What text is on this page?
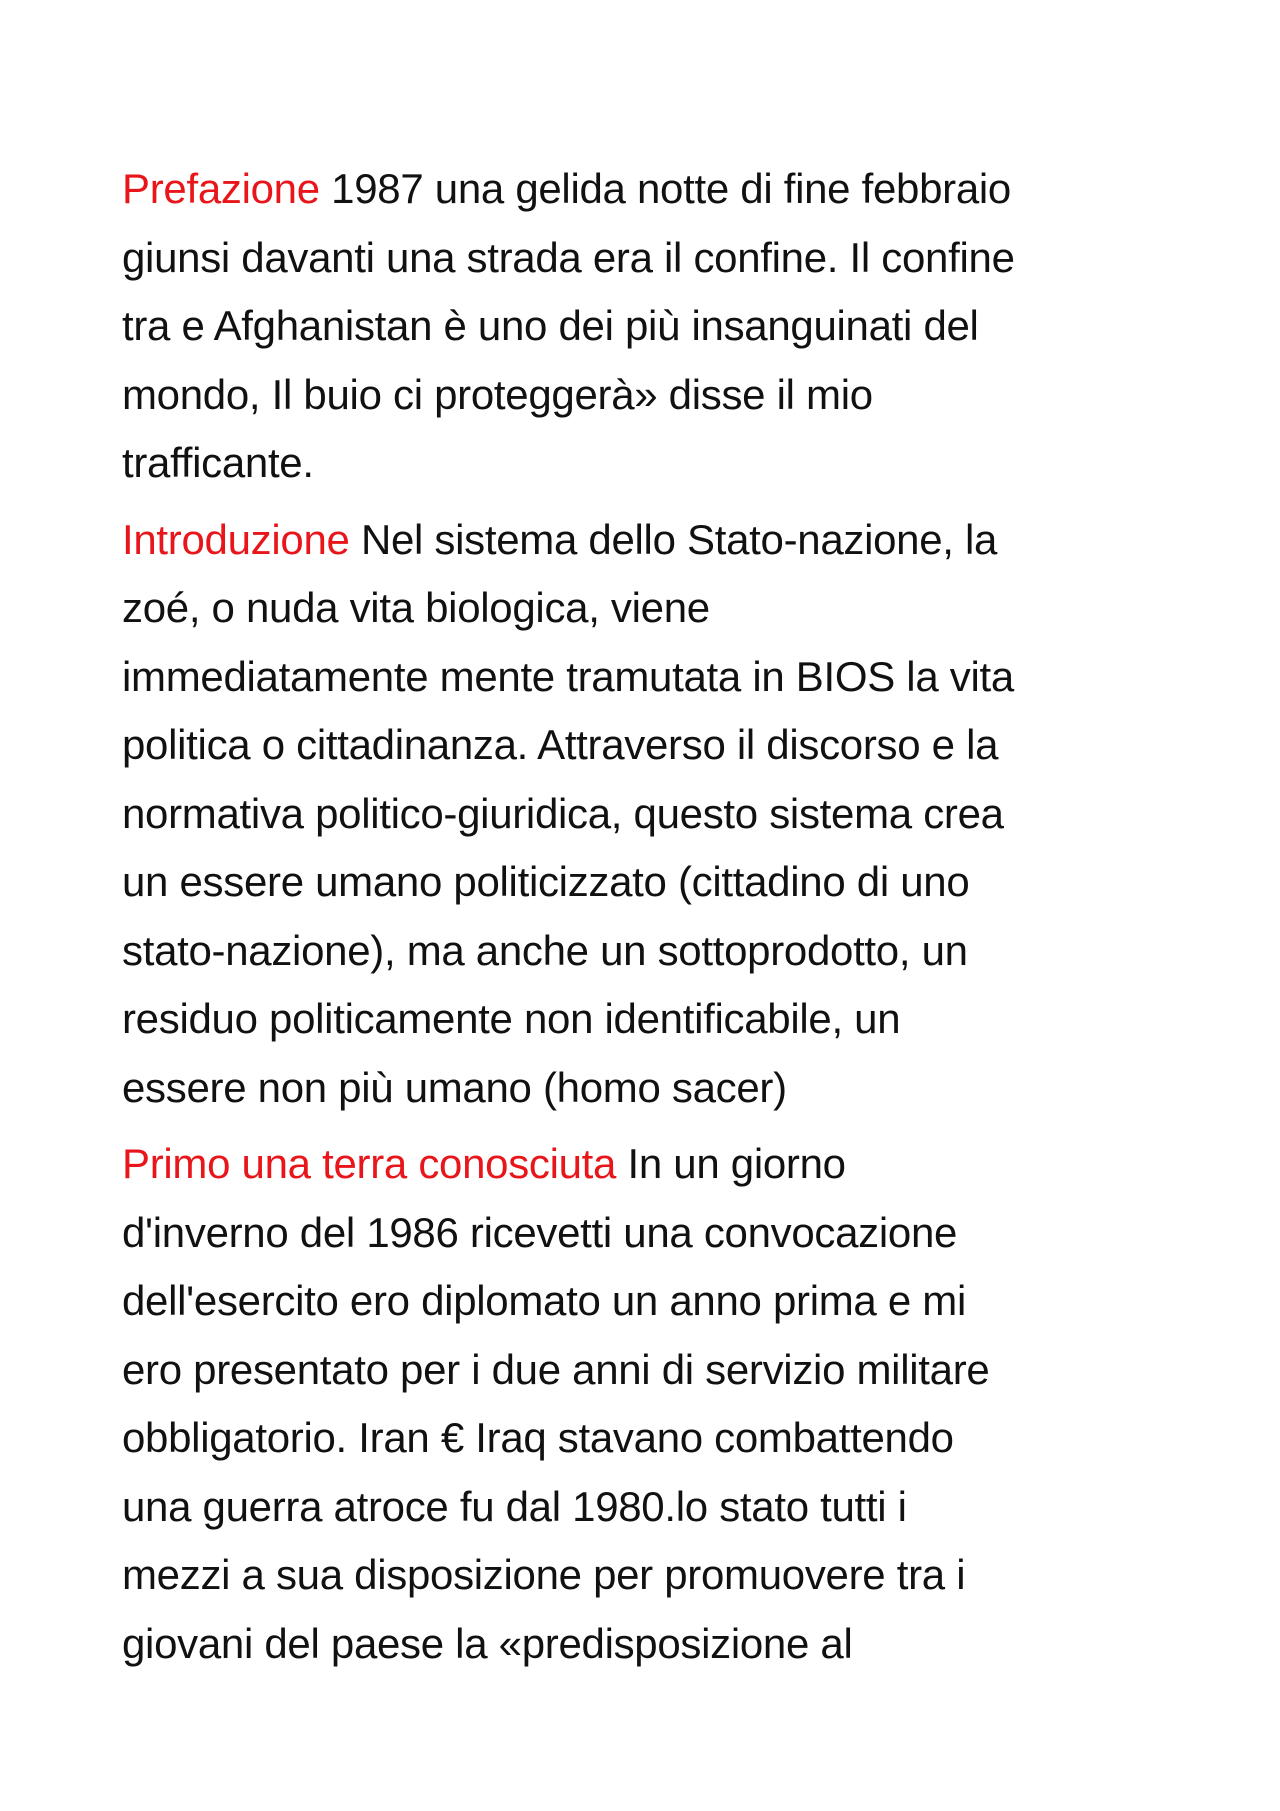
Prefazione 1987 una gelida notte di fine febbraio
giunsi davanti una strada era il confine. Il confine
tra e Afghanistan è uno dei più insanguinati del
mondo, Il buio ci proteggerà» disse il mio
trafficante.
Introduzione Nel sistema dello Stato-nazione, la
zoé, o nuda vita biologica, viene
immediatamente mente tramutata in BIOS la vita
politica o cittadinanza. Attraverso il discorso e la
normativa politico-giuridica, questo sistema crea
un essere umano politicizzato (cittadino di uno
stato-nazione), ma anche un sottoprodotto, un
residuo politicamente non identificabile, un
essere non più umano (homo sacer)
Primo una terra conosciuta In un giorno
d'inverno del 1986 ricevetti una convocazione
dell'esercito ero diplomato un anno prima e mi
ero presentato per i due anni di servizio militare
obbligatorio. Iran € Iraq stavano combattendo
una guerra atroce fu dal 1980.lo stato tutti i
mezzi a sua disposizione per promuovere tra i
giovani del paese la «predisposizione al
